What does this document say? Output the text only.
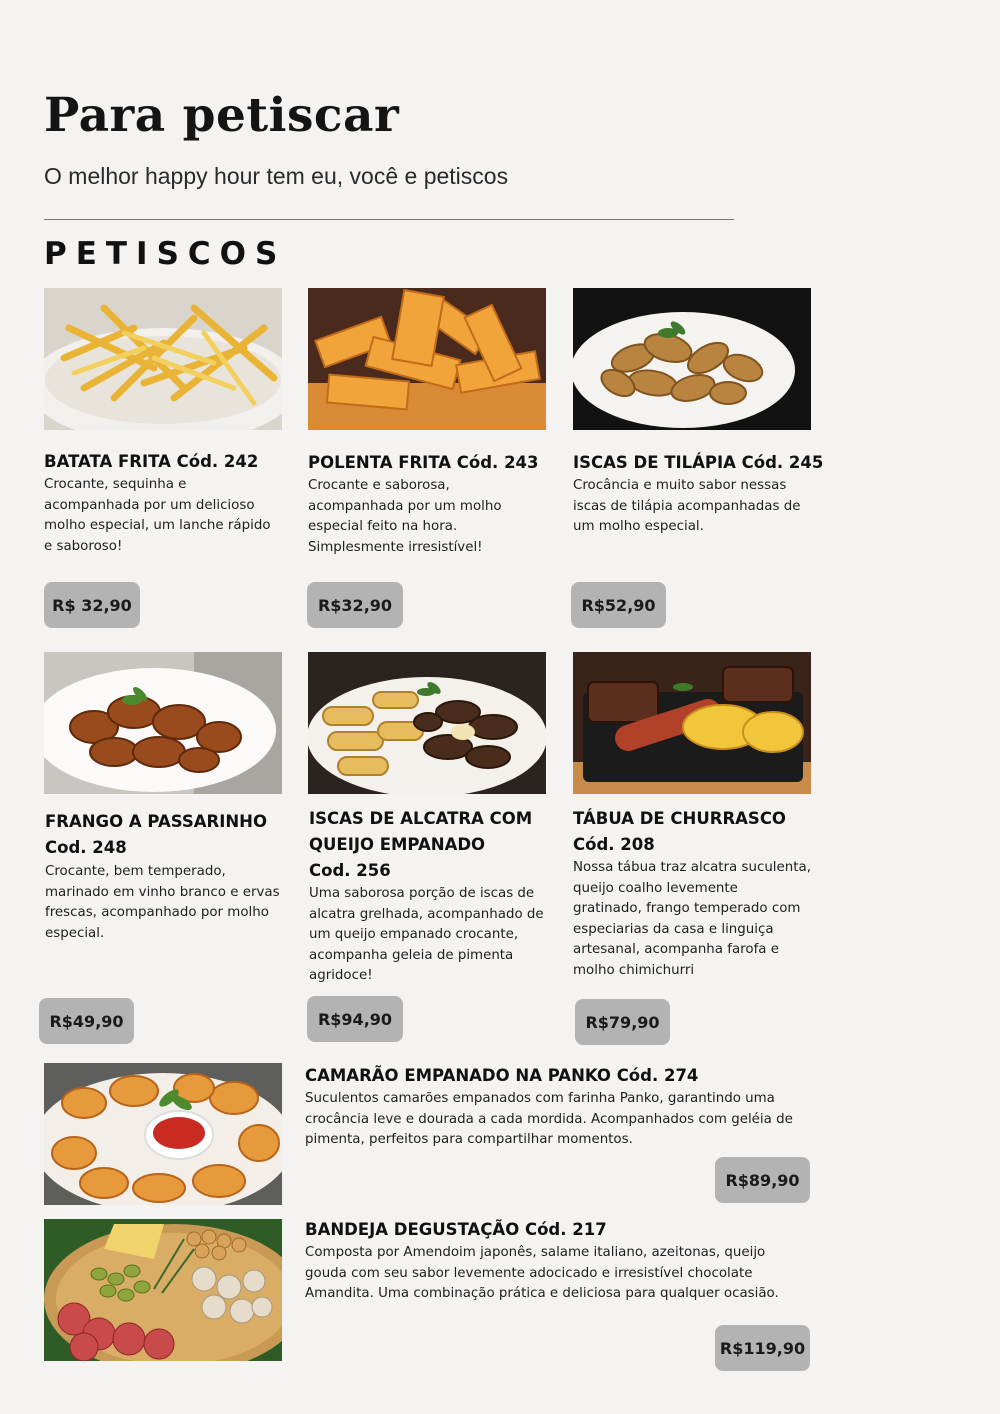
Para petiscar
O melhor happy hour tem eu, você e petiscos
PETISCOS
BATATA FRITA Cód. 242
Crocante, sequinha e
acompanhada por um delicioso
molho especial, um lanche rápido
e saboroso!
R$ 32,90
POLENTA FRITA Cód. 243
Crocante e saborosa,
acompanhada por um molho
especial feito na hora.
Simplesmente irresistível!
R$32,90
ISCAS DE TILÁPIA Cód. 245
Crocância e muito sabor nessas
iscas de tilápia acompanhadas de
um molho especial.
R$52,90
FRANGO A PASSARINHO
Cod. 248
Crocante, bem temperado,
marinado em vinho branco e ervas
frescas, acompanhado por molho
especial.
R$49,90
ISCAS DE ALCATRA COM
QUEIJO EMPANADO
Cod. 256
Uma saborosa porção de iscas de
alcatra grelhada, acompanhado de
um queijo empanado crocante,
acompanha geleia de pimenta
agridoce!
R$94,90
TÁBUA DE CHURRASCO
Cód. 208
Nossa tábua traz alcatra suculenta,
queijo coalho levemente
gratinado, frango temperado com
especiarias da casa e linguiça
artesanal, acompanha farofa e
molho chimichurri
R$79,90
CAMARÃO EMPANADO NA PANKO Cód. 274
Suculentos camarões empanados com farinha Panko, garantindo uma
crocância leve e dourada a cada mordida. Acompanhados com geléia de
pimenta, perfeitos para compartilhar momentos.
R$89,90
BANDEJA DEGUSTAÇÃO Cód. 217
Composta por Amendoim japonês, salame italiano, azeitonas, queijo
gouda com seu sabor levemente adocicado e irresistível chocolate
Amandita. Uma combinação prática e deliciosa para qualquer ocasião.
R$119,90
